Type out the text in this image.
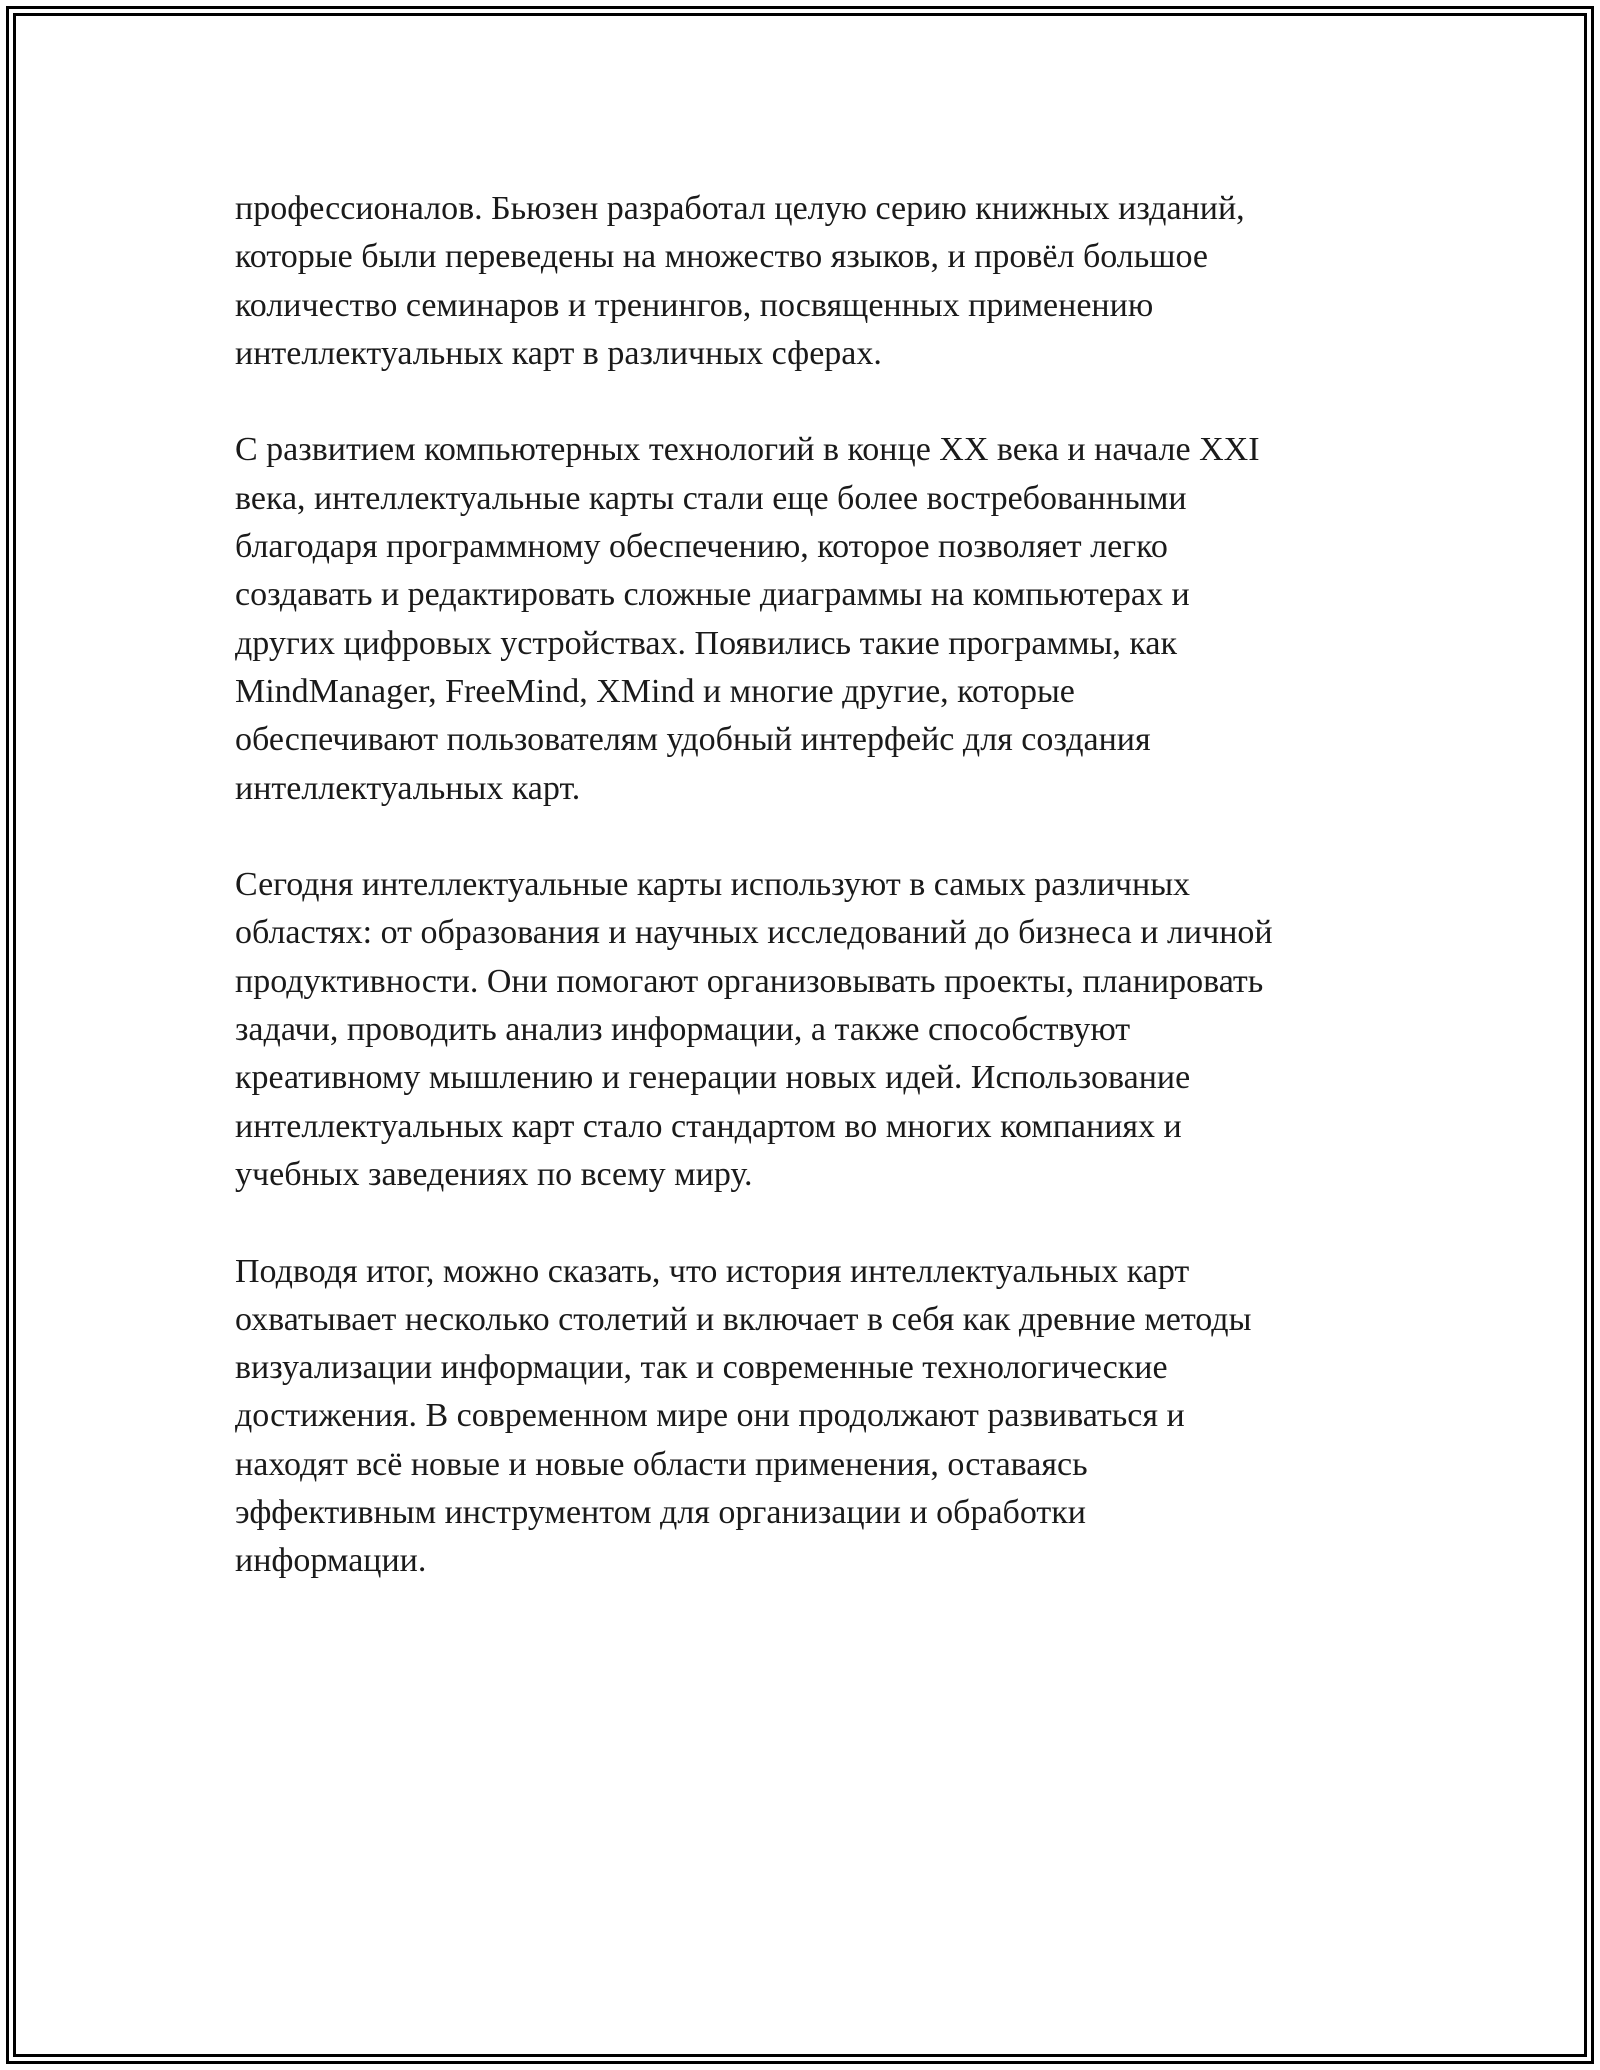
профессионалов. Бьюзен разработал целую серию книжных изданий,
которые были переведены на множество языков, и провёл большое
количество семинаров и тренингов, посвященных применению
интеллектуальных карт в различных сферах.

С развитием компьютерных технологий в конце XX века и начале XXI
века, интеллектуальные карты стали еще более востребованными
благодаря программному обеспечению, которое позволяет легко
создавать и редактировать сложные диаграммы на компьютерах и
других цифровых устройствах. Появились такие программы, как
MindManager, FreeMind, XMind и многие другие, которые
обеспечивают пользователям удобный интерфейс для создания
интеллектуальных карт.

Сегодня интеллектуальные карты используют в самых различных
областях: от образования и научных исследований до бизнеса и личной
продуктивности. Они помогают организовывать проекты, планировать
задачи, проводить анализ информации, а также способствуют
креативному мышлению и генерации новых идей. Использование
интеллектуальных карт стало стандартом во многих компаниях и
учебных заведениях по всему миру.

Подводя итог, можно сказать, что история интеллектуальных карт
охватывает несколько столетий и включает в себя как древние методы
визуализации информации, так и современные технологические
достижения. В современном мире они продолжают развиваться и
находят всё новые и новые области применения, оставаясь
эффективным инструментом для организации и обработки
информации.
